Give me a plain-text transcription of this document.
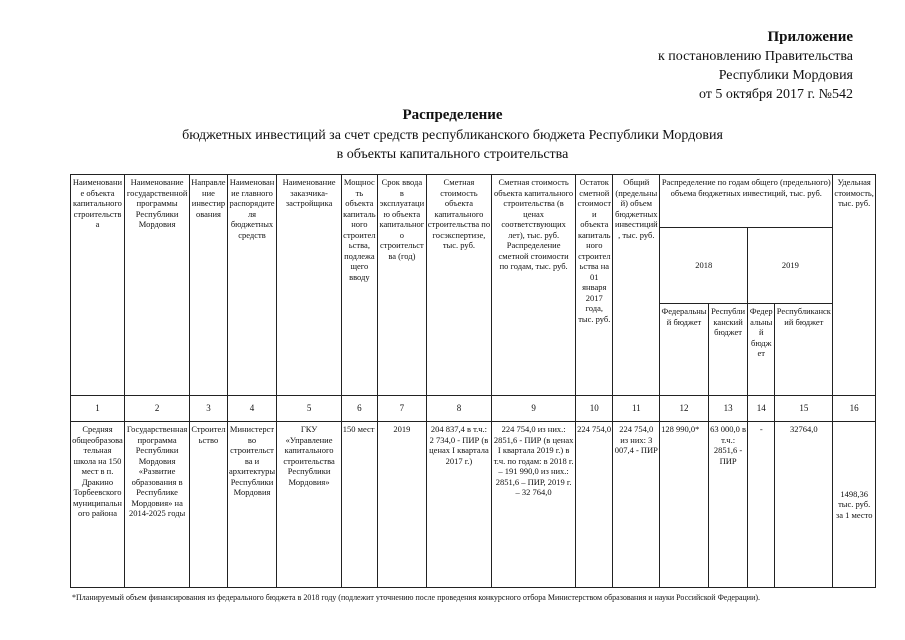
Приложение
к постановлению Правительства
Республики Мордовия
от 5 октября 2017 г. №542
Распределение
бюджетных инвестиций за счет средств республиканского бюджета Республики Мордовия
в объекты капитального строительства
Наименование объекта капитального строительства	Наименование государственной программы Республики Мордовия	Направление инвестирования	Наименование главного распорядителя бюджетных средств	Наименование заказчика-застройщика	Мощность объекта капитального строительства, подлежащего вводу	Срок ввода в эксплуатацию объекта капитального строительства (год)	Сметная стоимость объекта капитального строительства по госэкспертизе, тыс. руб.	Сметная стоимость объекта капитального строительства (в ценах соответствующих лет), тыс. руб. Распределение сметной стоимости по годам, тыс. руб.	Остаток сметной стоимости объекта капитального строительства на 01 января 2017 года, тыс. руб.	Общий (предельный) объем бюджетных инвестиций, тыс. руб.	Распределение по годам общего (предельного) объема бюджетных инвестиций, тыс. руб.				Удельная стоимость, тыс. руб.
											2018		2019		
											Федеральный бюджет	Республиканский бюджет	Федеральный бюджет	Республиканский бюджет	
1	2	3	4	5	6	7	8	9	10	11	12	13	14	15	16
Средняя общеобразовательная школа на 150 мест в п. Дракино Торбеевского муниципального района	Государственная программа Республики Мордовия «Развитие образования в Республике Мордовия» на 2014-2025 годы	Строительство	Министерство строительства и архитектуры Республики Мордовия	ГКУ «Управление капитального строительства Республики Мордовия»	150 мест	2019	204 837,4 в т.ч.: 2 734,0 - ПИР (в ценах I квартала 2017 г.)	224 754,0 из них.: 2851,6 - ПИР (в ценах I квартала 2019 г.) в т.ч. по годам: в 2018 г. – 191 990,0 из них.: 2851,6 – ПИР, 2019 г. – 32 764,0	224 754,0	224 754,0 из них: 3 007,4 - ПИР	128 990,0*	63 000,0 в т.ч.: 2851,6 - ПИР	-	32764,0	1498,36 тыс. руб. за 1 место
*Планируемый объем финансирования из федерального бюджета в 2018 году (подлежит уточнению после проведения конкурсного отбора Министерством образования и науки Российской Федерации).
